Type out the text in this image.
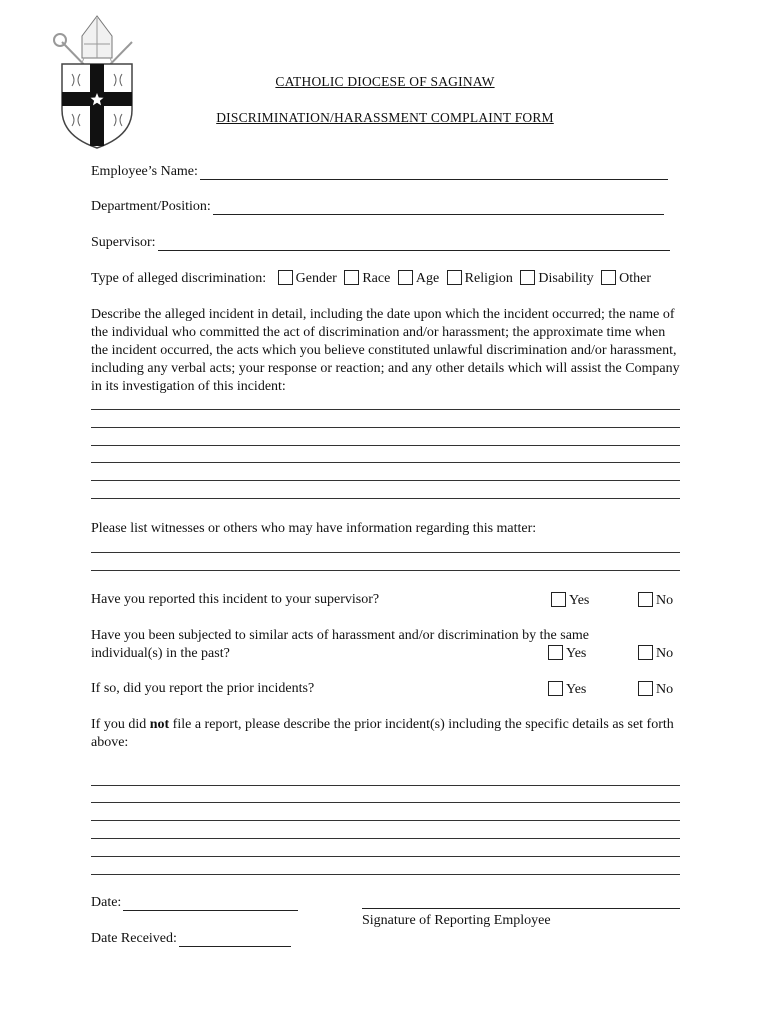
CATHOLIC DIOCESE OF SAGINAW
DISCRIMINATION/HARASSMENT COMPLAINT FORM
Employee’s Name:
Department/Position:
Supervisor:
Type of alleged discrimination: Gender Race Age Religion Disability Other
Describe the alleged incident in detail, including the date upon which the incident occurred; the name of the individual who committed the act of discrimination and/or harassment; the approximate time when the incident occurred, the acts which you believe constituted unlawful discrimination and/or harassment, including any verbal acts; your response or reaction; and any other details which will assist the Company in its investigation of this incident:
Please list witnesses or others who may have information regarding this matter:
Have you reported this incident to your supervisor?	Yes	No
Have you been subjected to similar acts of harassment and/or discrimination by the same
individual(s) in the past?	Yes	No
If so, did you report the prior incidents?	Yes	No
If you did not file a report, please describe the prior incident(s) including the specific details as set forth above:
Date:
Signature of Reporting Employee
Date Received:
